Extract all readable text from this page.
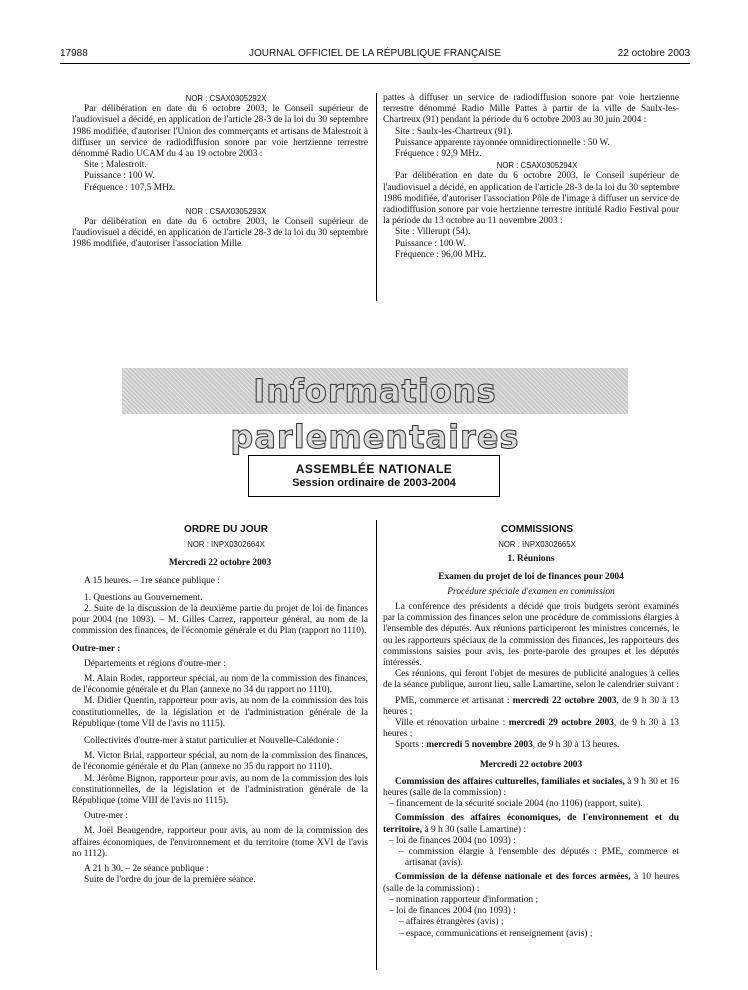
17988	JOURNAL OFFICIEL DE LA RÉPUBLIQUE FRANÇAISE	22 octobre 2003

NOR : CSAX0305292X

Par délibération en date du 6 octobre 2003, le Conseil supérieur de l'audiovisuel a décidé, en application de l'article 28-3 de la loi du 30 septembre 1986 modifiée, d'autoriser l'Union des commerçants et artisans de Malestroit à diffuser un service de radiodiffusion sonore par voie hertzienne terrestre dénommé Radio UCAM du 4 au 19 octobre 2003 :

Site : Malestroit.

Puissance : 100 W.

Fréquence : 107,5 MHz.

NOR : CSAX0305293X

Par délibération en date du 6 octobre 2003, le Conseil supérieur de l'audiovisuel a décidé, en application de l'article 28-3 de la loi du 30 septembre 1986 modifiée, d'autoriser l'association Mille

pattes à diffuser un service de radiodiffusion sonore par voie hertzienne terrestre dénommé Radio Mille Pattes à partir de la ville de Saulx-les-Chartreux (91) pendant la période du 6 octobre 2003 au 30 juin 2004 :

Site : Saulx-les-Chartreux (91).

Puissance apparente rayonnée omnidirectionnelle : 50 W.

Fréquence : 92,9 MHz.

NOR : CSAX0305294X

Par délibération en date du 6 octobre 2003, le Conseil supérieur de l'audiovisuel a décidé, en application de l'article 28-3 de la loi du 30 septembre 1986 modifiée, d'autoriser l'association Pôle de l'image à diffuser un service de radiodiffusion sonore par voie hertzienne terrestre intitulé Radio Festival pour la période du 13 octobre au 11 novembre 2003 :

Site : Villerupt (54).

Puissance : 100 W.

Fréquence : 96,00 MHz.

Informations parlementaires
ASSEMBLÉE NATIONALE
Session ordinaire de 2003-2004

ORDRE DU JOUR

NOR : INPX0302664X

Mercredi 22 octobre 2003

A 15 heures. – 1re séance publique :

1. Questions au Gouvernement.

2. Suite de la discussion de la deuxième partie du projet de loi de finances pour 2004 (no 1093). – M. Gilles Carrez, rapporteur général, au nom de la commission des finances, de l'économie générale et du Plan (rapport no 1110).

Outre-mer :

Départements et régions d'outre-mer :

M. Alain Rodet, rapporteur spécial, au nom de la commission des finances, de l'économie générale et du Plan (annexe no 34 du rapport no 1110).

M. Didier Quentin, rapporteur pour avis, au nom de la commission des lois constitutionnelles, de la législation et de l'administration générale de la République (tome VII de l'avis no 1115).

Collectivités d'outre-mer à statut particulier et Nouvelle-Calédonie :

M. Victor Brial, rapporteur spécial, au nom de la commission des finances, de l'économie générale et du Plan (annexe no 35 du rapport no 1110).

M. Jérôme Bignon, rapporteur pour avis, au nom de la commission des lois constitutionnelles, de la législation et de l'administration générale de la République (tome VIII de l'avis no 1115).

Outre-mer :

M. Joël Beaugendre, rapporteur pour avis, au nom de la commission des affaires économiques, de l'environnement et du territoire (tome XVI de l'avis no 1112).

A 21 h 30. – 2e séance publique :

Suite de l'ordre du jour de la première séance.

COMMISSIONS

NOR : INPX0302665X

1. Réunions

Examen du projet de loi de finances pour 2004

Procédure spéciale d'examen en commission

La conférence des présidents a décidé que trois budgets seront examinés par la commission des finances selon une procédure de commissions élargies à l'ensemble des députés. Aux réunions participeront les ministres concernés, le ou les rapporteurs spéciaux de la commission des finances, les rapporteurs des commissions saisies pour avis, les porte-parole des groupes et les députés intéressés.

Ces réunions, qui feront l'objet de mesures de publicité analogues à celles de la séance publique, auront lieu, salle Lamartine, selon le calendrier suivant :

PME, commerce et artisanat : mercredi 22 octobre 2003, de 9 h 30 à 13 heures ;

Ville et rénovation urbaine : mercredi 29 octobre 2003, de 9 h 30 à 13 heures ;

Sports : mercredi 5 novembre 2003, de 9 h 30 à 13 heures.

Mercredi 22 octobre 2003

Commission des affaires culturelles, familiales et sociales, à 9 h 30 et 16 heures (salle de la commission) :

– financement de la sécurité sociale 2004 (no 1106) (rapport, suite).

Commission des affaires économiques, de l'environnement et du territoire, à 9 h 30 (salle Lamartine) :

– loi de finances 2004 (no 1093) :

– commission élargie à l'ensemble des députés : PME, commerce et artisanat (avis).

Commission de la défense nationale et des forces armées, à 10 heures (salle de la commission) :

– nomination rapporteur d'information ;

– loi de finances 2004 (no 1093) :

– affaires étrangères (avis) ;

– espace, communications et renseignement (avis) ;
